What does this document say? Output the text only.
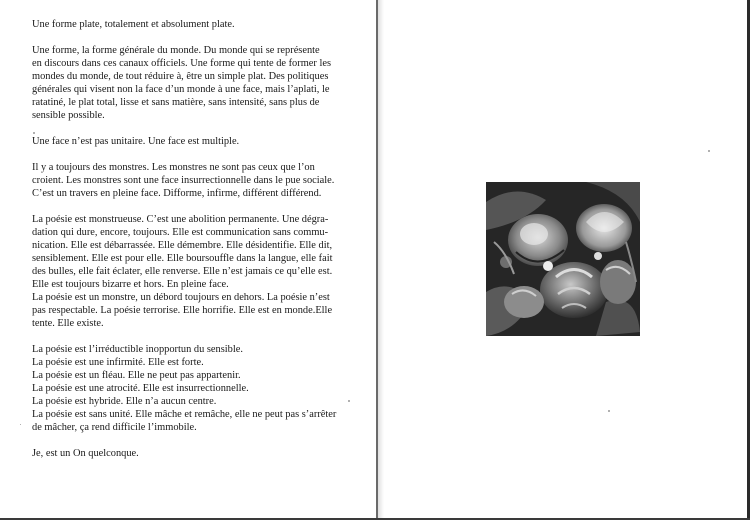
Une forme plate, totalement et absolument plate.

Une forme, la forme générale du monde. Du monde qui se représente
en discours dans ces canaux officiels. Une forme qui tente de former les
mondes du monde, de tout réduire à, être un simple plat. Des politiques
générales qui visent non la face d’un monde à une face, mais l’aplati, le
ratatiné, le plat total, lisse et sans matière, sans intensité, sans plus de
sensible possible.

Une face n’est pas unitaire. Une face est multiple.

Il y a toujours des monstres. Les monstres ne sont pas ceux que l’on
croient. Les monstres sont une face insurrectionnelle dans le pue sociale.
C’est un travers en pleine face. Difforme, infirme, différent différend.

La poésie est monstrueuse. C’est une abolition permanente. Une dégra-
dation qui dure, encore, toujours. Elle est communication sans commu-
nication. Elle est débarrassée. Elle démembre. Elle désidentifie. Elle dit,
sensiblement. Elle est pour elle. Elle boursouffle dans la langue, elle fait
des bulles, elle fait éclater, elle renverse. Elle n’est jamais ce qu’elle est.
Elle est toujours bizarre et hors. En pleine face.
La poésie est un monstre, un débord toujours en dehors. La poésie n’est
pas respectable. La poésie terrorise. Elle horrifie. Elle est en monde.Elle
tente. Elle existe.

La poésie est l’irréductible inopportun du sensible.
La poésie est une infirmité. Elle est forte.
La poésie est un fléau. Elle ne peut pas appartenir.
La poésie est une atrocité. Elle est insurrectionnelle.
La poésie est hybride. Elle n’a aucun centre.
La poésie est sans unité. Elle mâche et remâche, elle ne peut pas s’arrêter
de mâcher, ça rend difficile l’immobile.

Je, est un On quelconque.
